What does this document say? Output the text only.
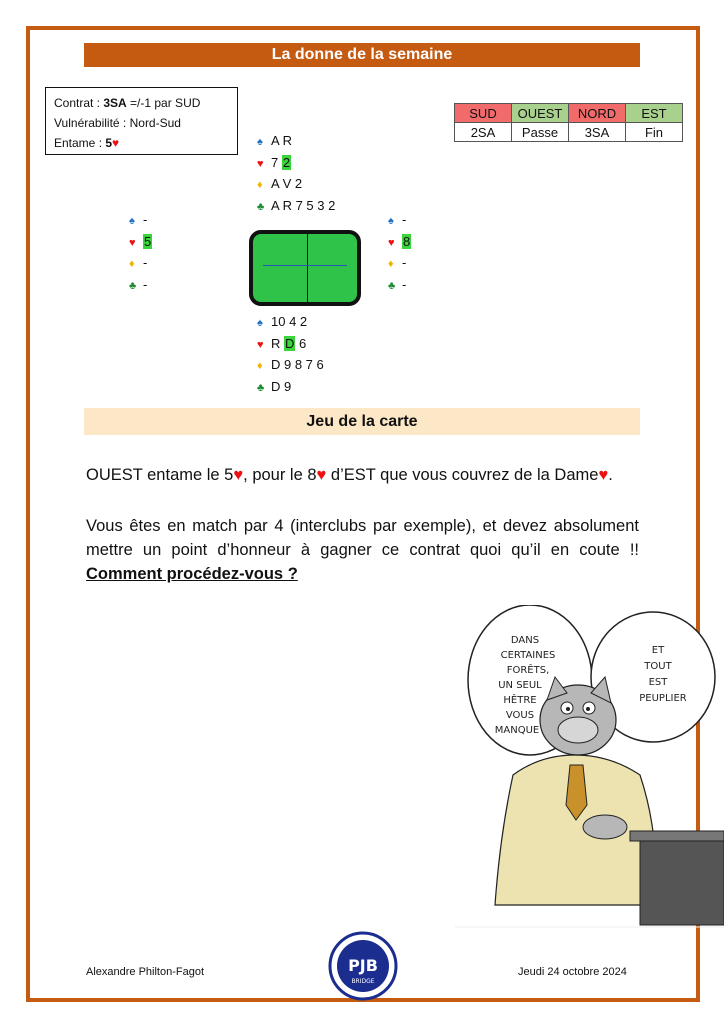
La donne de la semaine
Contrat : 3SA =/-1 par SUD
Vulnérabilité : Nord-Sud
Entame : 5♥
SUD	OUEST	NORD	EST
2SA	Passe	3SA	Fin
♠ A R
♥ 7 2
♦ A V 2
♣ A R 7 5 3 2
♠ -
♥ 5
♦ -
♣ -
♠ -
♥ 8
♦ -
♣ -
♠ 10 4 2
♥ R D 6
♦ D 9 8 7 6
♣ D 9
Jeu de la carte
OUEST entame le 5♥, pour le 8♥ d’EST que vous couvrez de la Dame♥.
Vous êtes en match par 4 (interclubs par exemple), et devez absolument mettre un point d’honneur à gagner ce contrat quoi qu’il en coute !! Comment procédez-vous ?
DANS
CERTAINES
FORÊTS,
UN SEUL
HÊTRE
VOUS
MANQUE
ET
TOUT
EST
PEUPLIER
Alexandre Philton-Fagot	Jeudi 24 octobre 2024
PJB
BRIDGE
